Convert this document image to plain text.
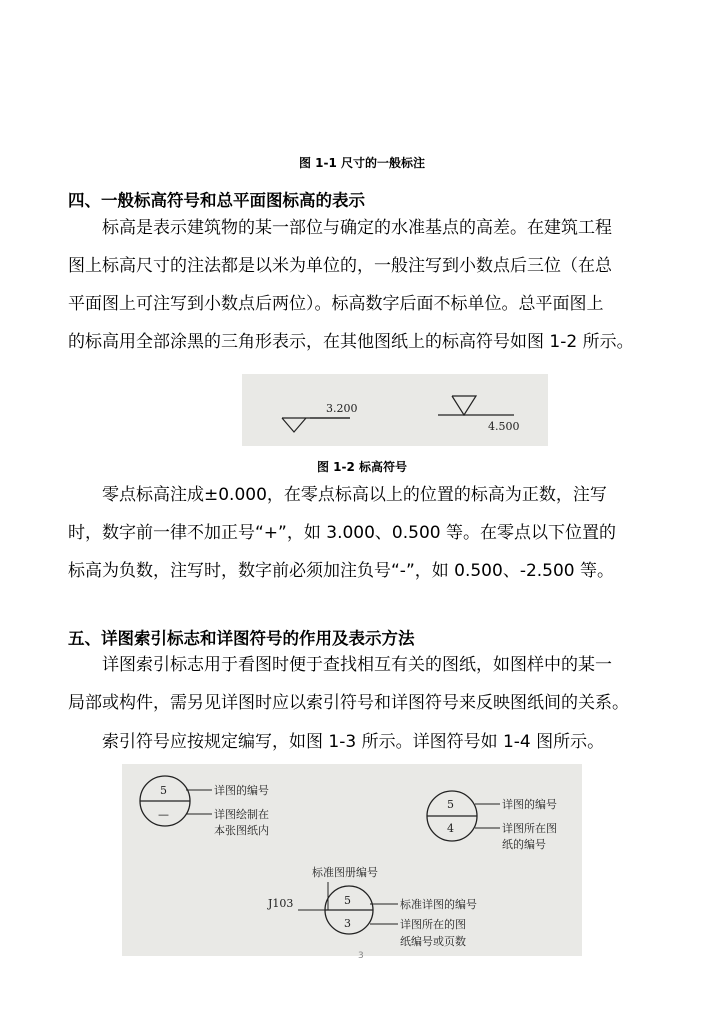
图 1-1 尺寸的一般标注
四、一般标高符号和总平面图标高的表示
　　标高是表示建筑物的某一部位与确定的水准基点的高差。在建筑工程
图上标高尺寸的注法都是以米为单位的，一般注写到小数点后三位（在总
平面图上可注写到小数点后两位）。标高数字后面不标单位。总平面图上
的标高用全部涂黑的三角形表示，在其他图纸上的标高符号如图 1-2 所示。
3.200
4.500
图 1-2 标高符号
　　零点标高注成±0.000，在零点标高以上的位置的标高为正数，注写
时，数字前一律不加正号“+”，如 3.000、0.500 等。在零点以下位置的
标高为负数，注写时，数字前必须加注负号“-”，如 0.500、-2.500 等。
五、详图索引标志和详图符号的作用及表示方法
　　详图索引标志用于看图时便于查找相互有关的图纸，如图样中的某一
局部或构件，需另见详图时应以索引符号和详图符号来反映图纸间的关系。
　　索引符号应按规定编写，如图 1-3 所示。详图符号如 1-4 图所示。
5
—
详图的编号
详图绘制在
本张图纸内
5
4
详图的编号
详图所在图
纸的编号
标准图册编号
J103	5
3
标准详图的编号
详图所在的图
纸编号或页数
3
